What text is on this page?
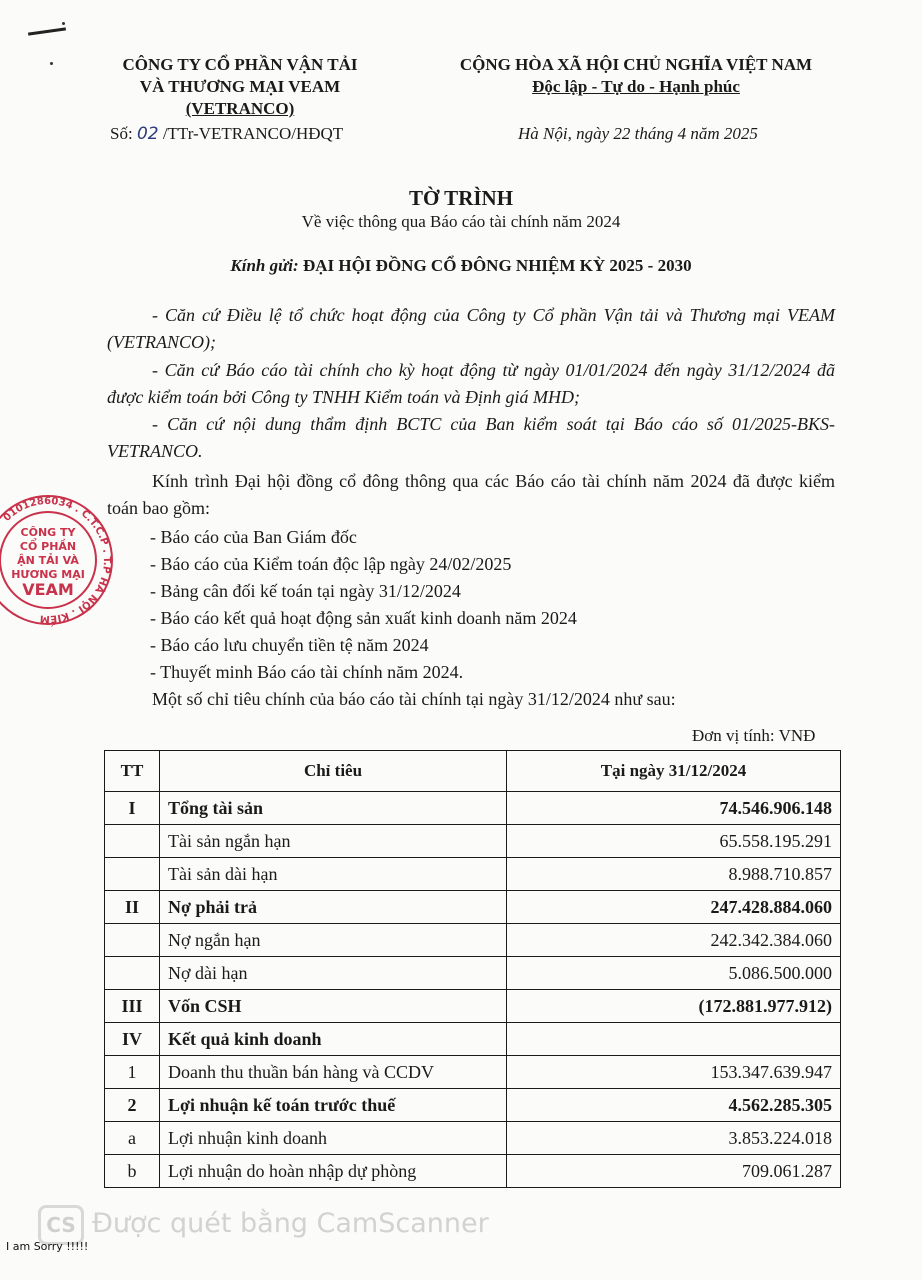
CÔNG TY CỔ PHẦN VẬN TẢI
VÀ THƯƠNG MẠI VEAM
(VETRANCO)
CỘNG HÒA XÃ HỘI CHỦ NGHĨA VIỆT NAM
Độc lập - Tự do - Hạnh phúc
Số: 02 /TTr-VETRANCO/HĐQT	Hà Nội, ngày 22 tháng 4 năm 2025
TỜ TRÌNH
Về việc thông qua Báo cáo tài chính năm 2024
Kính gửi: ĐẠI HỘI ĐỒNG CỔ ĐÔNG NHIỆM KỲ 2025 - 2030
- Căn cứ Điều lệ tổ chức hoạt động của Công ty Cổ phần Vận tải và Thương mại VEAM (VETRANCO);
- Căn cứ Báo cáo tài chính cho kỳ hoạt động từ ngày 01/01/2024 đến ngày 31/12/2024 đã được kiểm toán bởi Công ty TNHH Kiểm toán và Định giá MHD;
- Căn cứ nội dung thẩm định BCTC của Ban kiểm soát tại Báo cáo số 01/2025-BKS-VETRANCO.
Kính trình Đại hội đồng cổ đông thông qua các Báo cáo tài chính năm 2024 đã được kiểm toán bao gồm:
- Báo cáo của Ban Giám đốc
- Báo cáo của Kiểm toán độc lập ngày 24/02/2025
- Bảng cân đối kế toán tại ngày 31/12/2024
- Báo cáo kết quả hoạt động sản xuất kinh doanh năm 2024
- Báo cáo lưu chuyển tiền tệ năm 2024
- Thuyết minh Báo cáo tài chính năm 2024.
Một số chỉ tiêu chính của báo cáo tài chính tại ngày 31/12/2024 như sau:
Đơn vị tính: VNĐ
TT	Chỉ tiêu	Tại ngày 31/12/2024
I	Tổng tài sản	74.546.906.148
	Tài sản ngắn hạn	65.558.195.291
	Tài sản dài hạn	8.988.710.857
II	Nợ phải trả	247.428.884.060
	Nợ ngắn hạn	242.342.384.060
	Nợ dài hạn	5.086.500.000
III	Vốn CSH	(172.881.977.912)
IV	Kết quả kinh doanh	
1	Doanh thu thuần bán hàng và CCDV	153.347.639.947
2	Lợi nhuận kế toán trước thuế	4.562.285.305
a	Lợi nhuận kinh doanh	3.853.224.018
b	Lợi nhuận do hoàn nhập dự phòng	709.061.287
0101286034 . C.T.C.P . T.P HÀ NỘI . KIẾM
CÔNG TY
CỔ PHẦN
ẬN TẢI VÀ
HƯƠNG MẠI
VEAM
CS Được quét bằng CamScanner
I am Sorry !!!!!
